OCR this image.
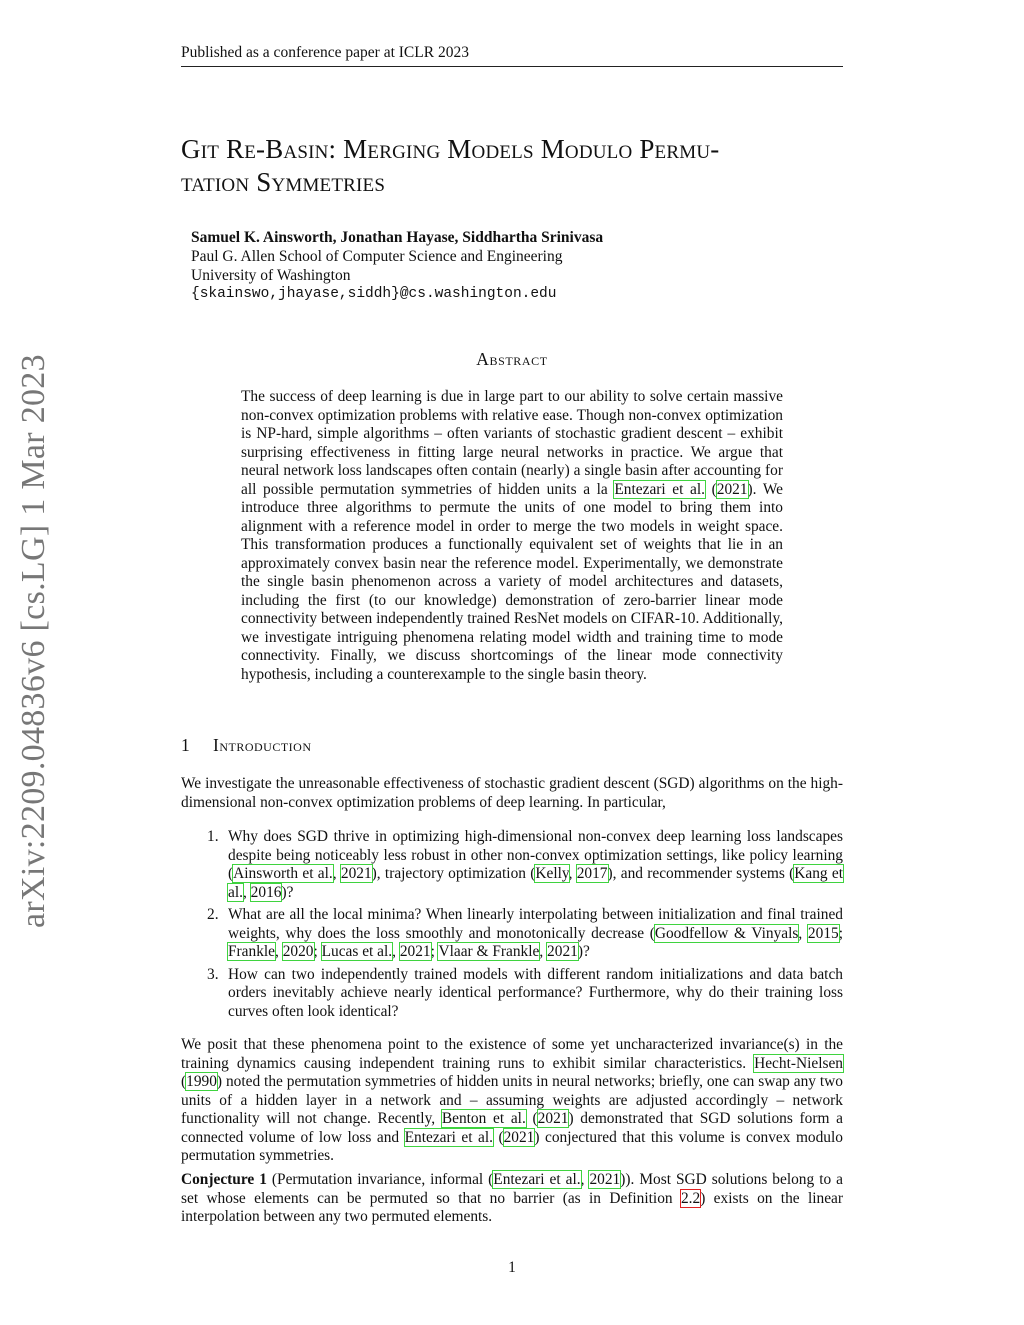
Published as a conference paper at ICLR 2023
Git Re-Basin: Merging Models Modulo Permu-
tation Symmetries
Samuel K. Ainsworth, Jonathan Hayase, Siddhartha Srinivasa
Paul G. Allen School of Computer Science and Engineering
University of Washington
{skainswo,jhayase,siddh}@cs.washington.edu
arXiv:2209.04836v6 [cs.LG] 1 Mar 2023	Abstract
The success of deep learning is due in large part to our ability to solve certain massive non-convex optimization problems with relative ease. Though non-convex optimization is NP-hard, simple algorithms – often variants of stochastic gradient descent – exhibit surprising effectiveness in fitting large neural networks in practice. We argue that neural network loss landscapes often contain (nearly) a single basin after accounting for all possible permutation symmetries of hidden units a la Entezari et al. (2021). We introduce three algorithms to permute the units of one model to bring them into alignment with a reference model in order to merge the two models in weight space. This transformation produces a functionally equivalent set of weights that lie in an approximately convex basin near the reference model. Experimentally, we demonstrate the single basin phenomenon across a variety of model architectures and datasets, including the first (to our knowledge) demonstration of zero-barrier linear mode connectivity between independently trained ResNet models on CIFAR-10. Additionally, we investigate intriguing phenomena relating model width and training time to mode connectivity. Finally, we discuss shortcomings of the linear mode connectivity hypothesis, including a counterexample to the single basin theory.
1 Introduction
We investigate the unreasonable effectiveness of stochastic gradient descent (SGD) algorithms on the high-dimensional non-convex optimization problems of deep learning. In particular,
1. Why does SGD thrive in optimizing high-dimensional non-convex deep learning loss landscapes despite being noticeably less robust in other non-convex optimization settings, like policy learning (Ainsworth et al., 2021), trajectory optimization (Kelly, 2017), and recommender systems (Kang et al., 2016)?
2. What are all the local minima? When linearly interpolating between initialization and final trained weights, why does the loss smoothly and monotonically decrease (Goodfellow & Vinyals, 2015; Frankle, 2020; Lucas et al., 2021; Vlaar & Frankle, 2021)?
3. How can two independently trained models with different random initializations and data batch orders inevitably achieve nearly identical performance? Furthermore, why do their training loss curves often look identical?
We posit that these phenomena point to the existence of some yet uncharacterized invariance(s) in the training dynamics causing independent training runs to exhibit similar characteristics. Hecht-Nielsen (1990) noted the permutation symmetries of hidden units in neural networks; briefly, one can swap any two units of a hidden layer in a network and – assuming weights are adjusted accordingly – network functionality will not change. Recently, Benton et al. (2021) demonstrated that SGD solutions form a connected volume of low loss and Entezari et al. (2021) conjectured that this volume is convex modulo permutation symmetries.
Conjecture 1 (Permutation invariance, informal (Entezari et al., 2021)). Most SGD solutions belong to a set whose elements can be permuted so that no barrier (as in Definition 2.2) exists on the linear interpolation between any two permuted elements.
1
